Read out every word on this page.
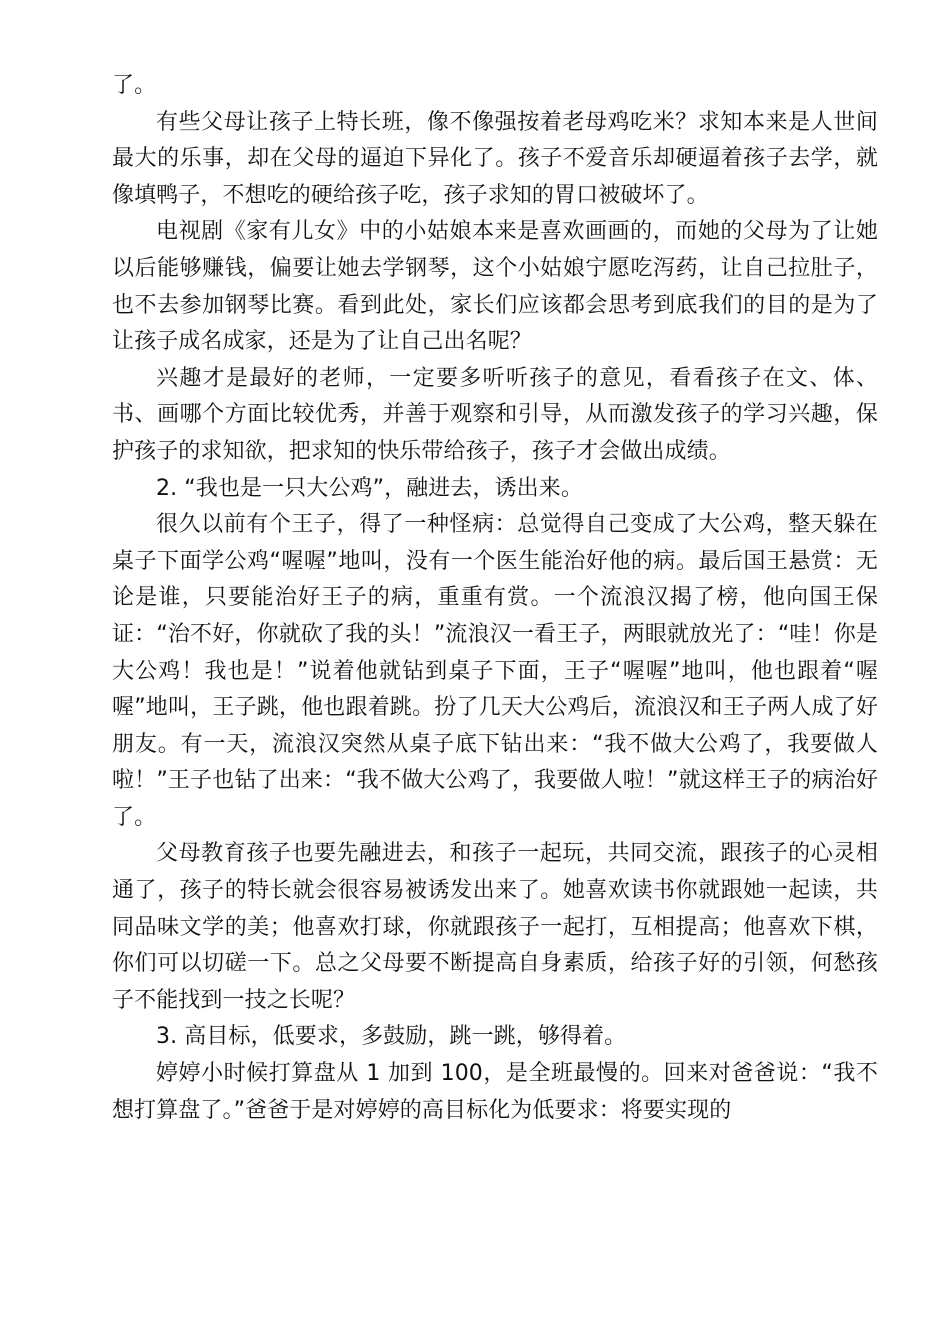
了。

有些父母让孩子上特长班，像不像强按着老母鸡吃米？求知本来是人世间最大的乐事，却在父母的逼迫下异化了。孩子不爱音乐却硬逼着孩子去学，就像填鸭子，不想吃的硬给孩子吃，孩子求知的胃口被破坏了。

电视剧《家有儿女》中的小姑娘本来是喜欢画画的，而她的父母为了让她以后能够赚钱，偏要让她去学钢琴，这个小姑娘宁愿吃泻药，让自己拉肚子，也不去参加钢琴比赛。看到此处，家长们应该都会思考到底我们的目的是为了让孩子成名成家，还是为了让自己出名呢？

兴趣才是最好的老师，一定要多听听孩子的意见，看看孩子在文、体、书、画哪个方面比较优秀，并善于观察和引导，从而激发孩子的学习兴趣，保护孩子的求知欲，把求知的快乐带给孩子，孩子才会做出成绩。

2. “我也是一只大公鸡”，融进去，诱出来。

很久以前有个王子，得了一种怪病：总觉得自己变成了大公鸡，整天躲在桌子下面学公鸡“喔喔”地叫，没有一个医生能治好他的病。最后国王悬赏：无论是谁，只要能治好王子的病，重重有赏。一个流浪汉揭了榜，他向国王保证：“治不好，你就砍了我的头！”流浪汉一看王子，两眼就放光了：“哇！你是大公鸡！我也是！”说着他就钻到桌子下面，王子“喔喔”地叫，他也跟着“喔喔”地叫，王子跳，他也跟着跳。扮了几天大公鸡后，流浪汉和王子两人成了好朋友。有一天，流浪汉突然从桌子底下钻出来：“我不做大公鸡了，我要做人啦！”王子也钻了出来：“我不做大公鸡了，我要做人啦！”就这样王子的病治好了。

父母教育孩子也要先融进去，和孩子一起玩，共同交流，跟孩子的心灵相通了，孩子的特长就会很容易被诱发出来了。她喜欢读书你就跟她一起读，共同品味文学的美；他喜欢打球，你就跟孩子一起打，互相提高；他喜欢下棋，你们可以切磋一下。总之父母要不断提高自身素质，给孩子好的引领，何愁孩子不能找到一技之长呢？

3. 高目标，低要求，多鼓励，跳一跳，够得着。

婷婷小时候打算盘从 1 加到 100，是全班最慢的。回来对爸爸说：“我不想打算盘了。”爸爸于是对婷婷的高目标化为低要求：将要实现的
